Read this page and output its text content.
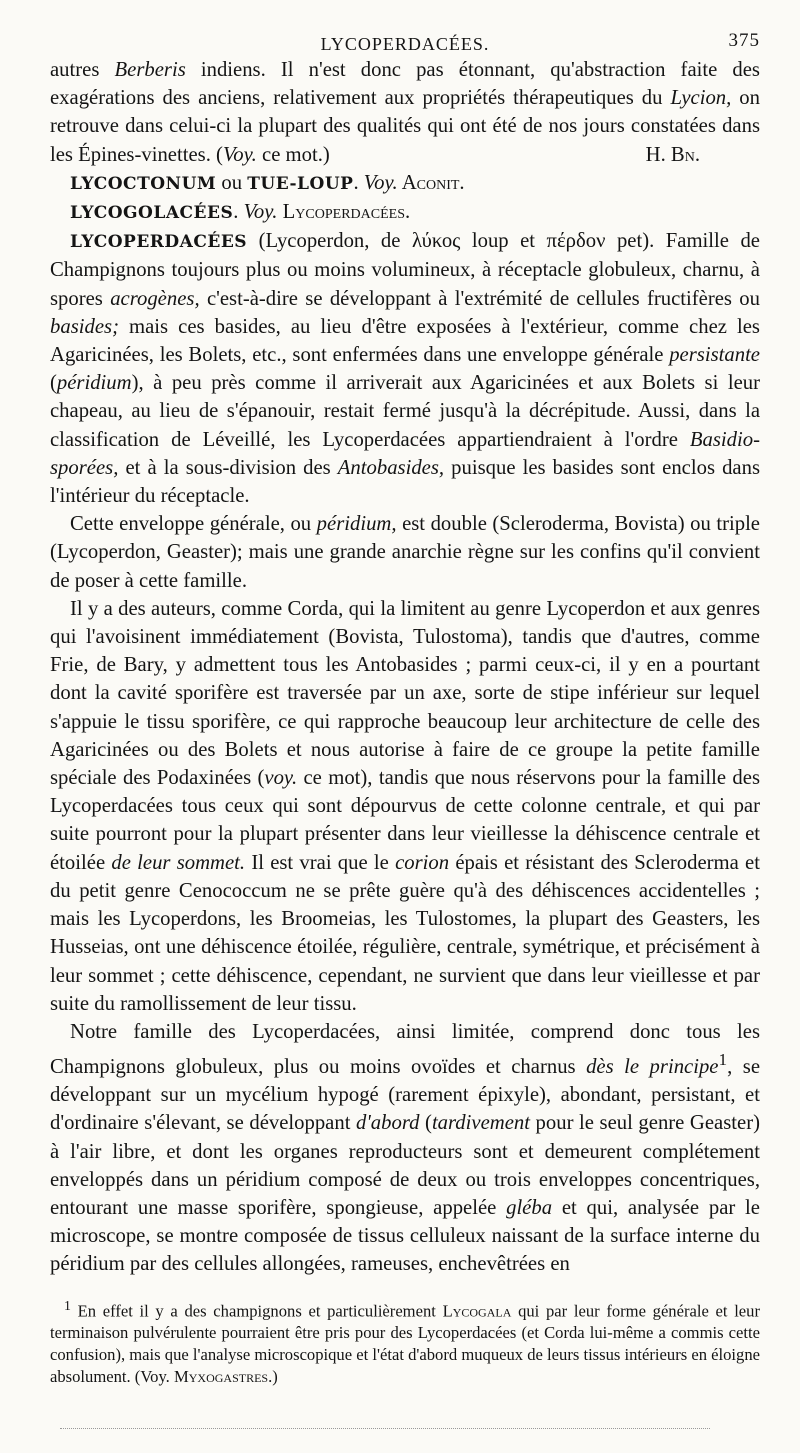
LYCOPERDACÉES.	375

autres Berberis indiens. Il n'est donc pas étonnant, qu'abstraction faite des exagérations des anciens, relativement aux propriétés thérapeutiques du Lycion, on retrouve dans celui-ci la plupart des qualités qui ont été de nos jours constatées dans les Épines-vinettes. (Voy. ce mot.)	H. Bn.

LYCOCTONUM ou TUE-LOUP. Voy. Aconit.

LYCOGOLACÉES. Voy. Lycoperdacées.

LYCOPERDACÉES (Lycoperdon, de λύκος loup et πέρδον pet). Famille de Champignons toujours plus ou moins volumineux, à réceptacle globuleux, charnu, à spores acrogènes, c'est-à-dire se développant à l'extrémité de cellules fructifères ou basides; mais ces basides, au lieu d'être exposées à l'extérieur, comme chez les Agaricinées, les Bolets, etc., sont enfermées dans une enveloppe générale persistante (péridium), à peu près comme il arriverait aux Agaricinées et aux Bolets si leur chapeau, au lieu de s'épanouir, restait fermé jusqu'à la décrépitude. Aussi, dans la classification de Léveillé, les Lycoperdacées appartiendraient à l'ordre Basidio-sporées, et à la sous-division des Antobasides, puisque les basides sont enclos dans l'intérieur du réceptacle.

Cette enveloppe générale, ou péridium, est double (Scleroderma, Bovista) ou triple (Lycoperdon, Geaster); mais une grande anarchie règne sur les confins qu'il convient de poser à cette famille.

Il y a des auteurs, comme Corda, qui la limitent au genre Lycoperdon et aux genres qui l'avoisinent immédiatement (Bovista, Tulostoma), tandis que d'autres, comme Frie, de Bary, y admettent tous les Antobasides ; parmi ceux-ci, il y en a pourtant dont la cavité sporifère est traversée par un axe, sorte de stipe inférieur sur lequel s'appuie le tissu sporifère, ce qui rapproche beaucoup leur architecture de celle des Agaricinées ou des Bolets et nous autorise à faire de ce groupe la petite famille spéciale des Podaxinées (voy. ce mot), tandis que nous réservons pour la famille des Lycoperdacées tous ceux qui sont dépourvus de cette colonne centrale, et qui par suite pourront pour la plupart présenter dans leur vieillesse la déhiscence centrale et étoilée de leur sommet. Il est vrai que le corion épais et résistant des Scleroderma et du petit genre Cenococcum ne se prête guère qu'à des déhiscences accidentelles ; mais les Lycoperdons, les Broomeias, les Tulostomes, la plupart des Geasters, les Husseias, ont une déhiscence étoilée, régulière, centrale, symétrique, et précisément à leur sommet ; cette déhiscence, cependant, ne survient que dans leur vieillesse et par suite du ramollissement de leur tissu.

Notre famille des Lycoperdacées, ainsi limitée, comprend donc tous les Champignons globuleux, plus ou moins ovoïdes et charnus dès le principe$^1$, se développant sur un mycélium hypogé (rarement épixyle), abondant, persistant, et d'ordinaire s'élevant, se développant d'abord (tardivement pour le seul genre Geaster) à l'air libre, et dont les organes reproducteurs sont et demeurent complétement enveloppés dans un péridium composé de deux ou trois enveloppes concentriques, entourant une masse sporifère, spongieuse, appelée gléba et qui, analysée par le microscope, se montre composée de tissus celluleux naissant de la surface interne du péridium par des cellules allongées, rameuses, enchevêtrées en

$^1$ En effet il y a des champignons et particulièrement Lycogala qui par leur forme générale et leur terminaison pulvérulente pourraient être pris pour des Lycoperdacées (et Corda lui-même a commis cette confusion), mais que l'analyse microscopique et l'état d'abord muqueux de leurs tissus intérieurs en éloigne absolument. (Voy. Myxogastres.)
